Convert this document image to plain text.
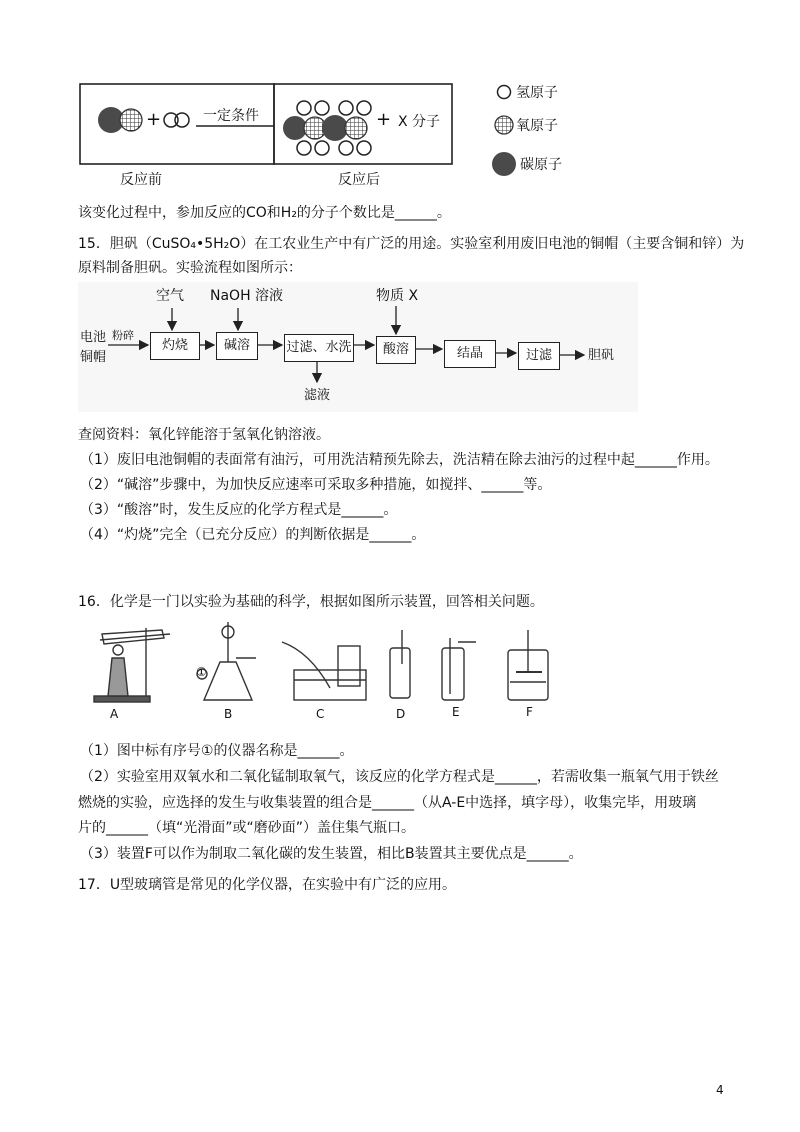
+	一定条件	+ X 分子
反应前	反应后
氢原子
氧原子
碳原子
该变化过程中，参加反应的CO和H₂的分子个数比是______。
15．胆矾（CuSO₄•5H₂O）在工农业生产中有广泛的用途。实验室利用废旧电池的铜帽（主要含铜和锌）为
原料制备胆矾。实验流程如图所示：
电池
铜帽
粉碎
空气 NaOH 溶液	物质 X
灼烧	碱溶	过滤、水洗	酸溶	结晶	过滤
滤液
胆矾
查阅资料：氧化锌能溶于氢氧化钠溶液。
（1）废旧电池铜帽的表面常有油污，可用洗洁精预先除去，洗洁精在除去油污的过程中起______作用。
（2）“碱溶”步骤中，为加快反应速率可采取多种措施，如搅拌、______等。
（3）“酸溶”时，发生反应的化学方程式是______。
（4）“灼烧”完全（已充分反应）的判断依据是______。
16．化学是一门以实验为基础的科学，根据如图所示装置，回答相关问题。
①
A	B	C	D	E	F
（1）图中标有序号①的仪器名称是______。
（2）实验室用双氧水和二氧化锰制取氧气，该反应的化学方程式是______，若需收集一瓶氧气用于铁丝
燃烧的实验，应选择的发生与收集装置的组合是______（从A-E中选择，填字母），收集完毕，用玻璃
片的______（填“光滑面”或“磨砂面”）盖住集气瓶口。
（3）装置F可以作为制取二氧化碳的发生装置，相比B装置其主要优点是______。
17．U型玻璃管是常见的化学仪器，在实验中有广泛的应用。
4
